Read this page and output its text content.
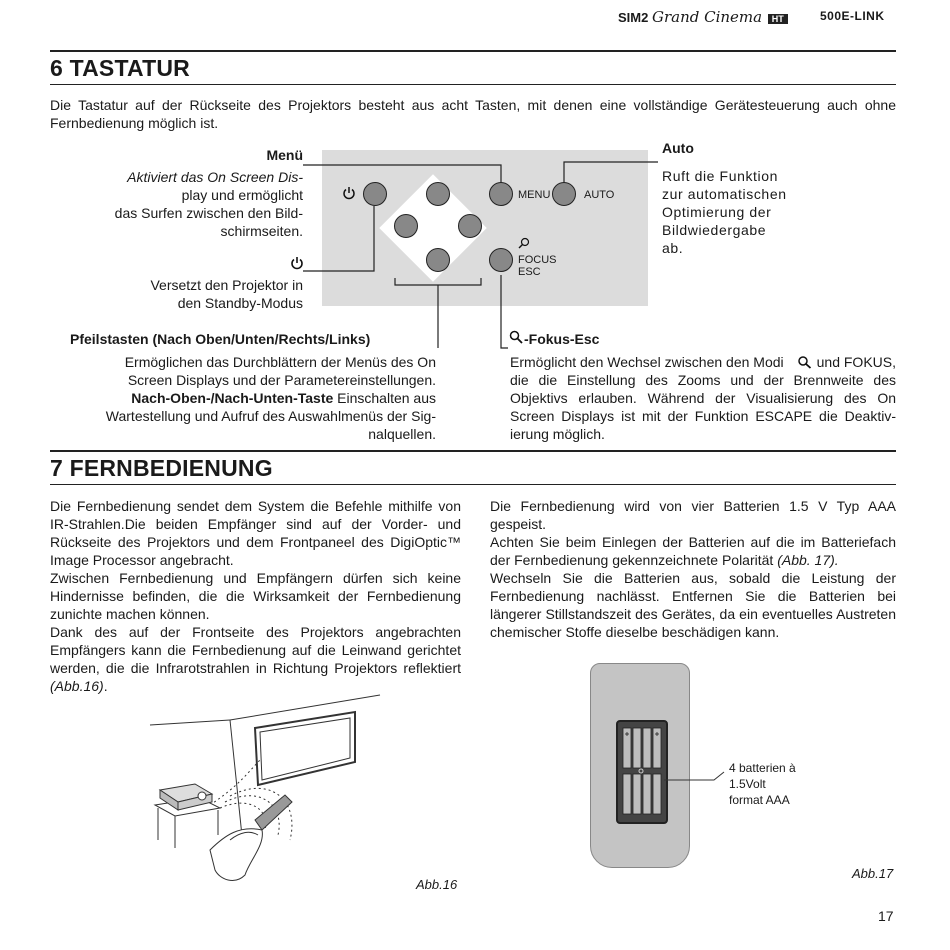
SIM2 Grand Cinema HT	500E-LINK
6 TASTATUR
Die Tastatur auf der Rückseite des Projektors besteht aus acht Tasten, mit denen eine vollständige Gerätesteuerung auch ohne Fernbedienung möglich ist.
Menü
Aktiviert das On Screen Dis-
play und ermöglicht
das Surfen zwischen den Bild-
schirmseiten.
Versetzt den Projektor in
den Standby-Modus
Auto
Ruft die Funktion
zur automatischen
Optimierung der
Bildwiedergabe
ab.
MENU	AUTO
FOCUS
ESC
Pfeilstasten (Nach Oben/Unten/Rechts/Links)
Ermöglichen das Durchblättern der Menüs des On
Screen Displays und der Parametereinstellungen.
Nach-Oben-/Nach-Unten-Taste Einschalten aus
Wartestellung und Aufruf des Auswahlmenüs der Sig-
nalquellen.
-Fokus-Esc
Ermöglicht den Wechsel zwischen den Modi
und FOKUS,
die die Einstellung des Zooms und der Brennweite des
Objektivs erlauben. Während der Visualisierung des On
Screen Displays ist mit der Funktion ESCAPE die Deaktiv-
ierung möglich.
7 FERNBEDIENUNG

Die Fernbedienung sendet dem System die Befehle mithilfe von IR-Strahlen.Die beiden Empfänger sind auf der Vorder- und Rückseite des Projektors und dem Frontpaneel des DigiOptic™ Image Processor angebracht.

Zwischen Fernbedienung und Empfängern dürfen sich keine Hindernisse befinden, die die Wirksamkeit der Fernbedienung zunichte machen können.

Dank des auf der Frontseite des Projektors angebrachten Empfängers kann die Fernbedienung auf die Leinwand gerichtet werden, die die Infrarotstrahlen in Richtung Projektors reflektiert (Abb.16).

Die Fernbedienung wird von vier Batterien 1.5 V Typ AAA gespeist.

Achten Sie beim Einlegen der Batterien auf die im Batteriefach der Fernbedienung gekennzeichnete Polarität (Abb. 17).

Wechseln Sie die Batterien aus, sobald die Leistung der Fernbedienung nachlässt. Entfernen Sie die Batterien bei längerer Stillstandszeit des Gerätes, da ein eventuelles Austreten chemischer Stoffe dieselbe beschädigen kann.

Abb.16
4 batterien à
1.5Volt
format AAA
Abb.17
17
